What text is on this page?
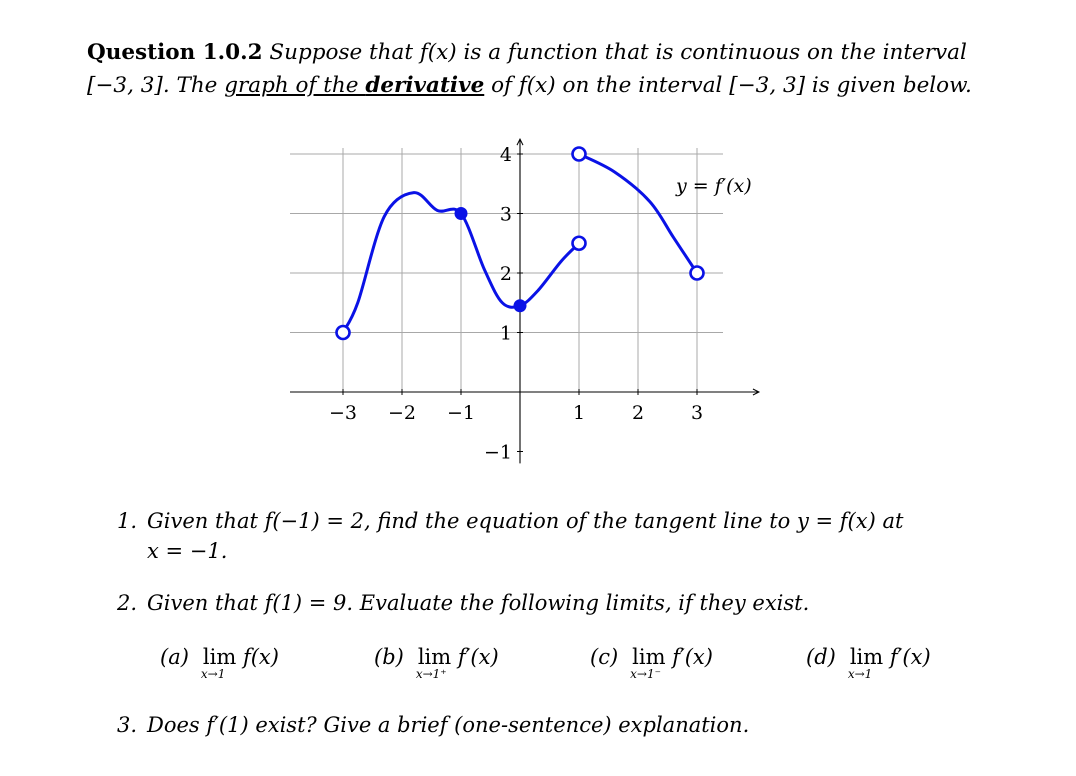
Question 1.0.2 Suppose that f(x) is a function that is continuous on the interval
[−3, 3]. The graph of the derivative of f(x) on the interval [−3, 3] is given below.
−3 −2 −1	1 2 3
4
3
2
1
−1
y = f′(x)
1. Given that f(−1) = 2, find the equation of the tangent line to y = f(x) at
x = −1.
2. Given that f(1) = 9. Evaluate the following limits, if they exist.
(a) lim
x→1
f(x)	(b) lim
x→1⁺
f′(x)	(c) lim
x→1⁻
f′(x)	(d) lim
x→1
f′(x)
3. Does f′(1) exist? Give a brief (one-sentence) explanation.
